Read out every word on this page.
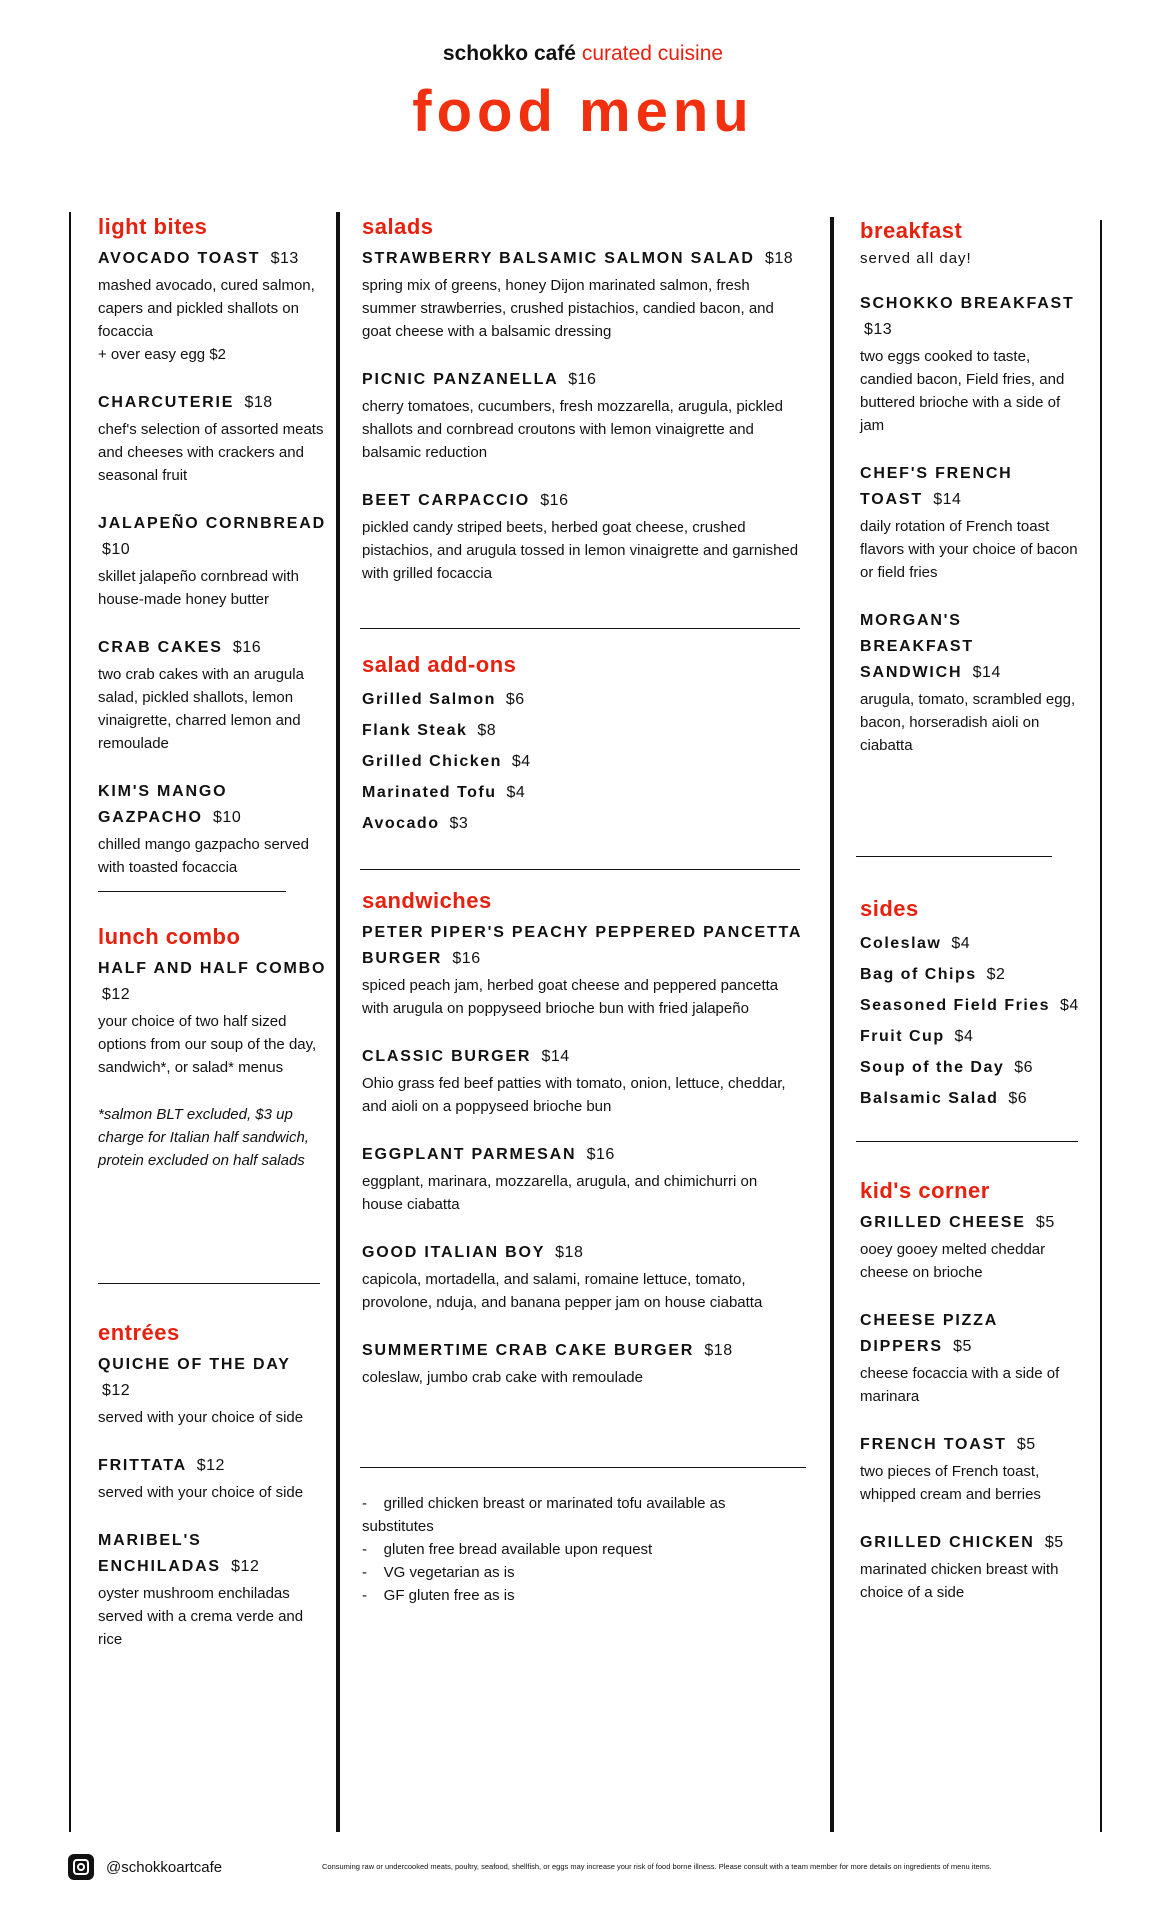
schokko café curated cuisine
food menu
light bites
AVOCADO TOAST $13
mashed avocado, cured salmon, capers and pickled shallots on focaccia
+ over easy egg $2
CHARCUTERIE $18
chef's selection of assorted meats and cheeses with crackers and seasonal fruit
JALAPEÑO CORNBREAD $10
skillet jalapeño cornbread with house-made honey butter
CRAB CAKES $16
two crab cakes with an arugula salad, pickled shallots, lemon vinaigrette, charred lemon and remoulade
KIM'S MANGO GAZPACHO $10
chilled mango gazpacho served with toasted focaccia
lunch combo
HALF AND HALF COMBO $12
your choice of two half sized options from our soup of the day, sandwich*, or salad* menus
*salmon BLT excluded, $3 up charge for Italian half sandwich, protein excluded on half salads
entrées
QUICHE OF THE DAY $12
served with your choice of side
FRITTATA $12
served with your choice of side
MARIBEL'S ENCHILADAS $12
oyster mushroom enchiladas served with a crema verde and rice
salads
STRAWBERRY BALSAMIC SALMON SALAD $18
spring mix of greens, honey Dijon marinated salmon, fresh summer strawberries, crushed pistachios, candied bacon, and goat cheese with a balsamic dressing
PICNIC PANZANELLA $16
cherry tomatoes, cucumbers, fresh mozzarella, arugula, pickled shallots and cornbread croutons with lemon vinaigrette and balsamic reduction
BEET CARPACCIO $16
pickled candy striped beets, herbed goat cheese, crushed pistachios, and arugula tossed in lemon vinaigrette and garnished with grilled focaccia
salad add-ons
Grilled Salmon $6
Flank Steak $8
Grilled Chicken $4
Marinated Tofu $4
Avocado $3
sandwiches
PETER PIPER'S PEACHY PEPPERED PANCETTA BURGER $16
spiced peach jam, herbed goat cheese and peppered pancetta with arugula on poppyseed brioche bun with fried jalapeño
CLASSIC BURGER $14
Ohio grass fed beef patties with tomato, onion, lettuce, cheddar, and aioli on a poppyseed brioche bun
EGGPLANT PARMESAN $16
eggplant, marinara, mozzarella, arugula, and chimichurri on house ciabatta
GOOD ITALIAN BOY $18
capicola, mortadella, and salami, romaine lettuce, tomato, provolone, nduja, and banana pepper jam on house ciabatta
SUMMERTIME CRAB CAKE BURGER $18
coleslaw, jumbo crab cake with remoulade
breakfast
served all day!
SCHOKKO BREAKFAST $13
two eggs cooked to taste, candied bacon, Field fries, and buttered brioche with a side of jam
CHEF'S FRENCH TOAST $14
daily rotation of French toast flavors with your choice of bacon or field fries
MORGAN'S BREAKFAST SANDWICH $14
arugula, tomato, scrambled egg, bacon, horseradish aioli on ciabatta
sides
Coleslaw $4
Bag of Chips $2
Seasoned Field Fries $4
Fruit Cup $4
Soup of the Day $6
Balsamic Salad $6
kid's corner
GRILLED CHEESE $5
ooey gooey melted cheddar cheese on brioche
CHEESE PIZZA DIPPERS $5
cheese focaccia with a side of marinara
FRENCH TOAST $5
two pieces of French toast, whipped cream and berries
GRILLED CHICKEN $5
marinated chicken breast with choice of a side
-    grilled chicken breast or marinated tofu available as substitutes
-    gluten free bread available upon request
-    VG vegetarian as is
-    GF gluten free as is
@schokkoartcafe	Consuming raw or undercooked meats, poultry, seafood, shellfish, or eggs may increase your risk of food borne illness. Please consult with a team member for more details on ingredients of menu items.
